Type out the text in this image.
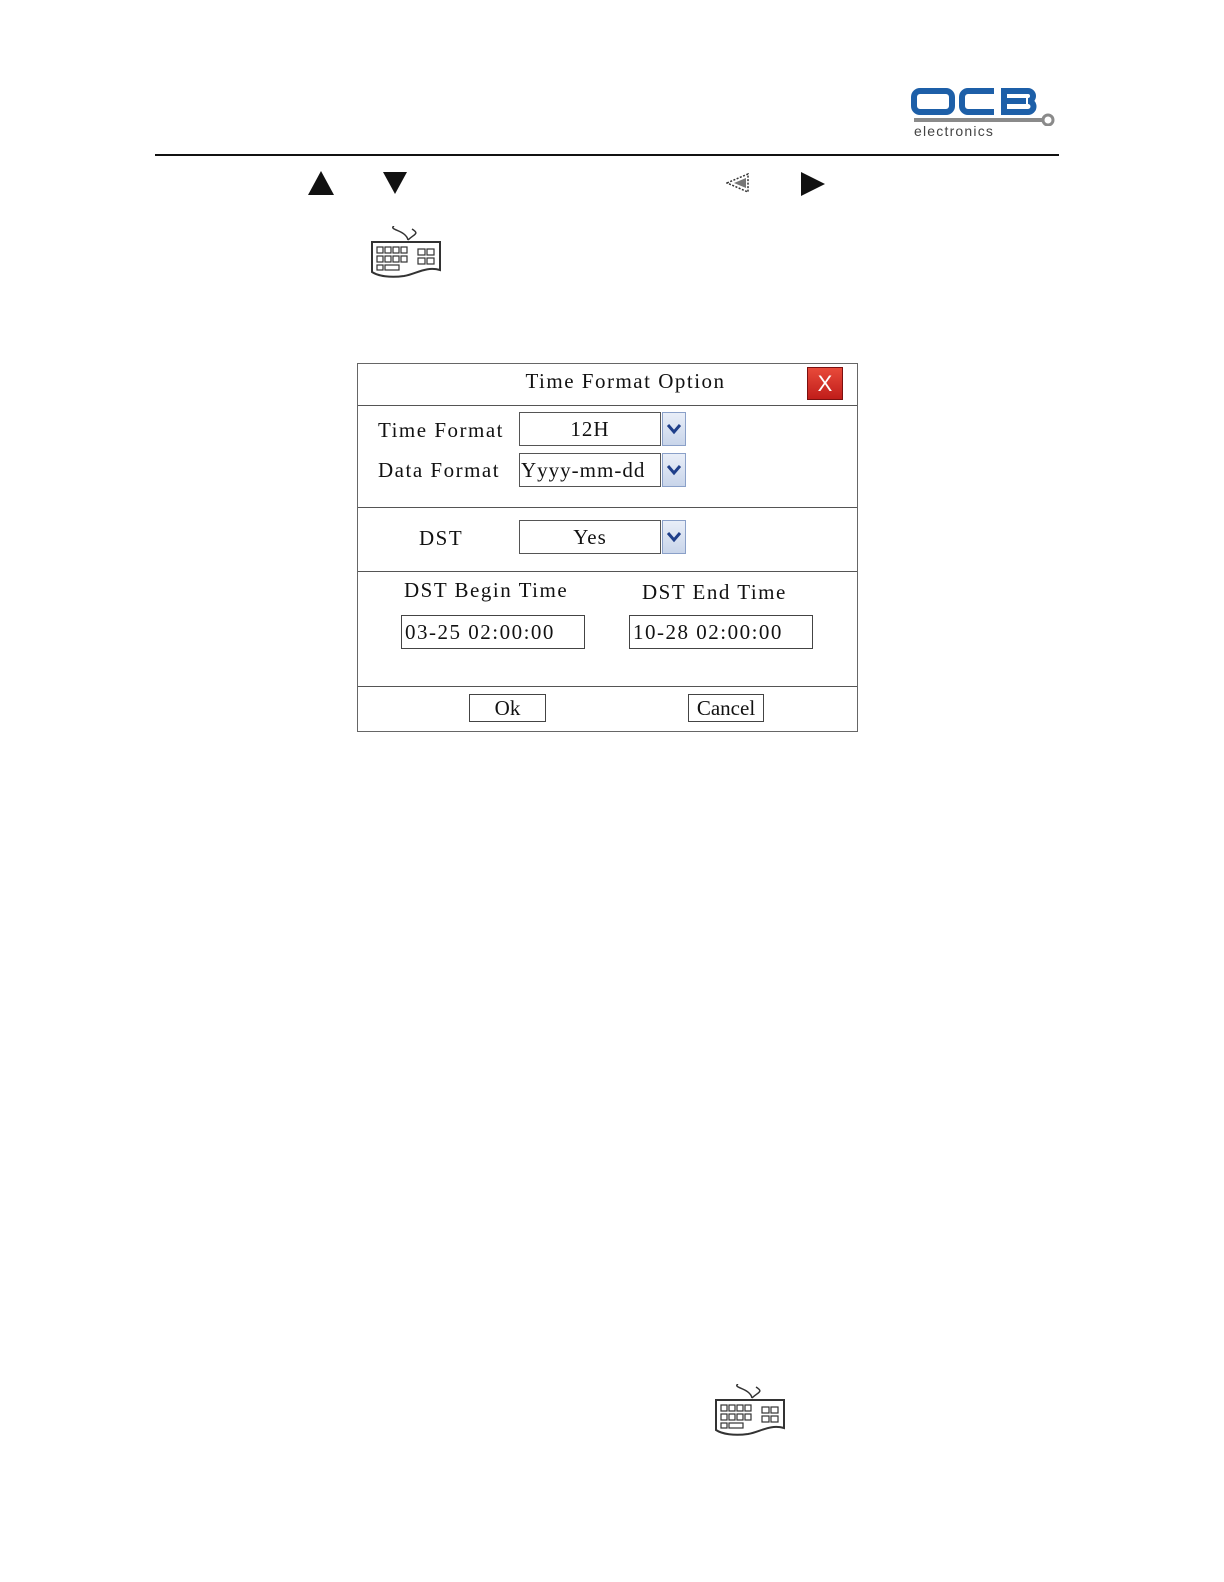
electronics
Time Format Option	X
Time Format	12H
Data Format Yyyy-mm-dd
DST	Yes
DST Begin Time	DST End Time
03-25 02:00:00	10-28 02:00:00
Ok	Cancel
